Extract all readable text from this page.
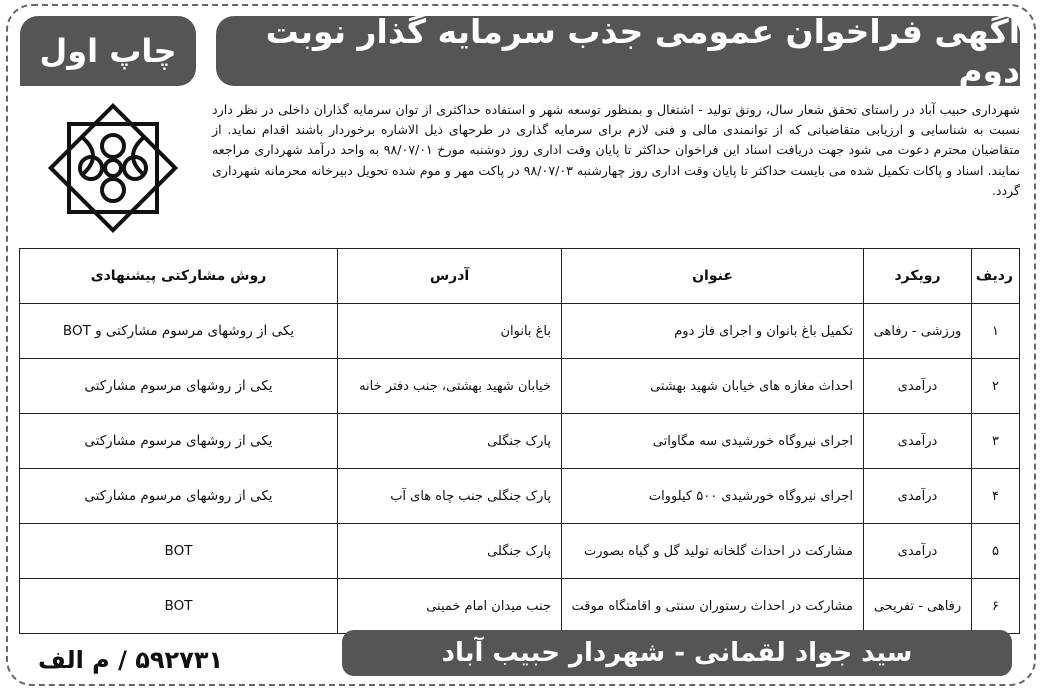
آگهی فراخوان عمومی جذب سرمایه گذار نوبت دوم
چاپ اول
شهرداری حبیب آباد در راستای تحقق شعار سال، رونق تولید - اشتغال و بمنظور توسعه شهر و استفاده حداکثری از توان سرمایه گذاران داخلی در نظر دارد نسبت به شناسایی و ارزیابی متقاضیانی که از توانمندی مالی و فنی لازم برای سرمایه گذاری در طرحهای ذیل الاشاره برخوردار باشند اقدام نماید. از متقاضیان محترم دعوت می شود جهت دریافت اسناد این فراخوان حداکثر تا پایان وقت اداری روز دوشنبه مورخ ۹۸/۰۷/۰۱ به واحد درآمد شهرداری مراجعه نمایند. اسناد و پاکات تکمیل شده می بایست حداکثر تا پایان وقت اداری روز چهارشنبه ۹۸/۰۷/۰۳ در پاکت مهر و موم شده تحویل دبیرخانه محرمانه شهرداری گردد.
ردیف	رویکرد	عنوان	آدرس	روش مشارکتی پیشنهادی
۱	ورزشی - رفاهی	تکمیل باغ بانوان و اجرای فاز دوم	باغ بانوان	یکی از روشهای مرسوم مشارکتی و BOT
۲	درآمدی	احداث مغازه های خیابان شهید بهشتی	خیابان شهید بهشتی، جنب دفتر خانه	یکی از روشهای مرسوم مشارکتی
۳	درآمدی	اجرای نیروگاه خورشیدی سه مگاواتی	پارک جنگلی	یکی از روشهای مرسوم مشارکتی
۴	درآمدی	اجرای نیروگاه خورشیدی ۵۰۰ کیلووات	پارک جنگلی جنب چاه های آب	یکی از روشهای مرسوم مشارکتی
۵	درآمدی	مشارکت در احداث گلخانه تولید گل و گیاه بصورت	پارک جنگلی	BOT
۶	رفاهی - تفریحی	مشارکت در احداث رستوران سنتی و اقامتگاه موقت	جنب میدان امام خمینی	BOT
سید جواد لقمانی - شهردار حبیب آباد
۵۹۲۷۳۱ / م الف
